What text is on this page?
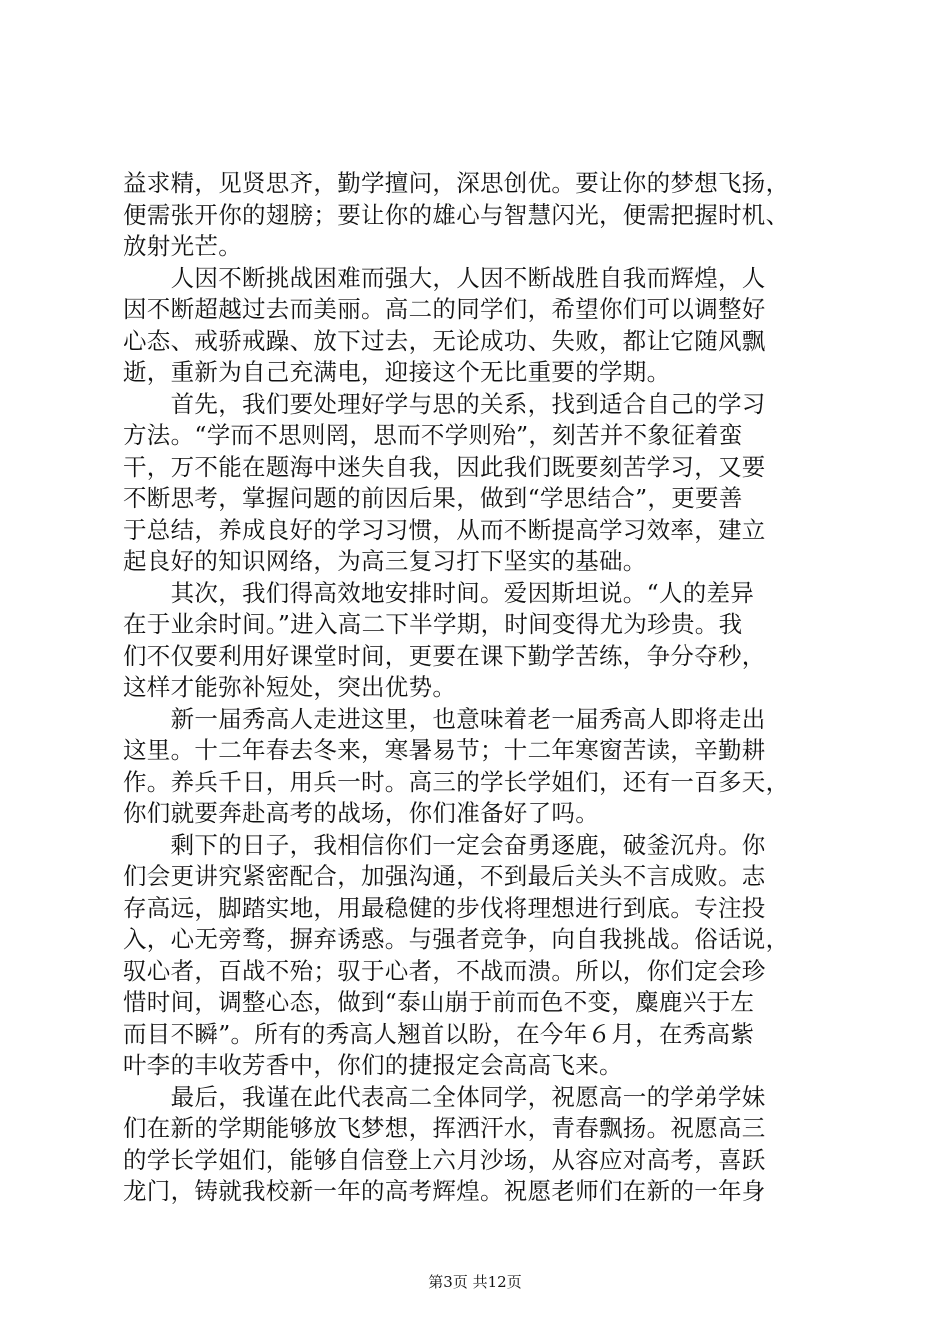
益求精，见贤思齐，勤学擅问，深思创优。要让你的梦想飞扬，
便需张开你的翅膀；要让你的雄心与智慧闪光，便需把握时机、
放射光芒。
　　人因不断挑战困难而强大，人因不断战胜自我而辉煌，人
因不断超越过去而美丽。高二的同学们，希望你们可以调整好
心态、戒骄戒躁、放下过去，无论成功、失败，都让它随风飘
逝，重新为自己充满电，迎接这个无比重要的学期。
　　首先，我们要处理好学与思的关系，找到适合自己的学习
方法。“学而不思则罔，思而不学则殆”，刻苦并不象征着蛮
干，万不能在题海中迷失自我，因此我们既要刻苦学习，又要
不断思考，掌握问题的前因后果，做到“学思结合”，更要善
于总结，养成良好的学习习惯，从而不断提高学习效率，建立
起良好的知识网络，为高三复习打下坚实的基础。
　　其次，我们得高效地安排时间。爱因斯坦说。“人的差异
在于业余时间。”进入高二下半学期，时间变得尤为珍贵。我
们不仅要利用好课堂时间，更要在课下勤学苦练，争分夺秒，
这样才能弥补短处，突出优势。
　　新一届秀高人走进这里，也意味着老一届秀高人即将走出
这里。十二年春去冬来，寒暑易节；十二年寒窗苦读，辛勤耕
作。养兵千日，用兵一时。高三的学长学姐们，还有一百多天，
你们就要奔赴高考的战场，你们准备好了吗。
　　剩下的日子，我相信你们一定会奋勇逐鹿，破釜沉舟。你
们会更讲究紧密配合，加强沟通，不到最后关头不言成败。志
存高远，脚踏实地，用最稳健的步伐将理想进行到底。专注投
入，心无旁骛，摒弃诱惑。与强者竞争，向自我挑战。俗话说，
驭心者，百战不殆；驭于心者，不战而溃。所以，你们定会珍
惜时间，调整心态，做到“泰山崩于前而色不变，麋鹿兴于左
而目不瞬”。所有的秀高人翘首以盼，在今年６月，在秀高紫
叶李的丰收芳香中，你们的捷报定会高高飞来。
　　最后，我谨在此代表高二全体同学，祝愿高一的学弟学妹
们在新的学期能够放飞梦想，挥洒汗水，青春飘扬。祝愿高三
的学长学姐们，能够自信登上六月沙场，从容应对高考，喜跃
龙门，铸就我校新一年的高考辉煌。祝愿老师们在新的一年身
第3页 共12页
